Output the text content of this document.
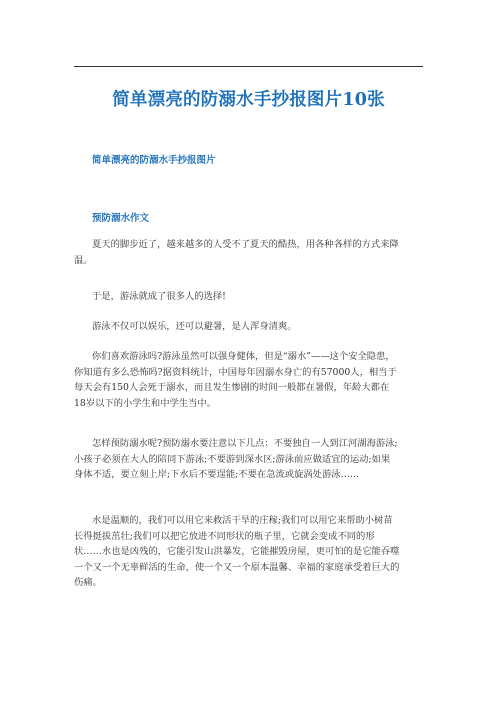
简单漂亮的防溺水手抄报图片10张
简单漂亮的防溺水手抄报图片
预防溺水作文
夏天的脚步近了，越来越多的人受不了夏天的酷热，用各种各样的方式来降
温。
于是，游泳就成了很多人的选择!
游泳不仅可以娱乐，还可以避暑，是人浑身清爽。
你们喜欢游泳吗?游泳虽然可以强身健体，但是“溺水”——这个安全隐患，
你知道有多么恐怖吗?据资料统计，中国每年因溺水身亡的有57000人，相当于
每天会有150人会死于溺水，而且发生惨剧的时间一般都在暑假，年龄大都在
18岁以下的小学生和中学生当中。
怎样预防溺水呢?预防溺水要注意以下几点：不要独自一人到江河湖海游泳;
小孩子必须在大人的陪同下游泳;不要游到深水区;游泳前应做适宜的运动;如果
身体不适，要立刻上岸;下水后不要逞能;不要在急流或旋涡处游泳……
水是温顺的，我们可以用它来救活干旱的庄稼;我们可以用它来帮助小树苗
长得挺拔茁壮;我们可以把它放进不同形状的瓶子里，它就会变成不同的形
状……水也是凶残的，它能引发山洪暴发，它能摧毁房屋，更可怕的是它能吞噬
一个又一个无辜鲜活的生命，使一个又一个原本温馨、幸福的家庭承受着巨大的
伤痛。
